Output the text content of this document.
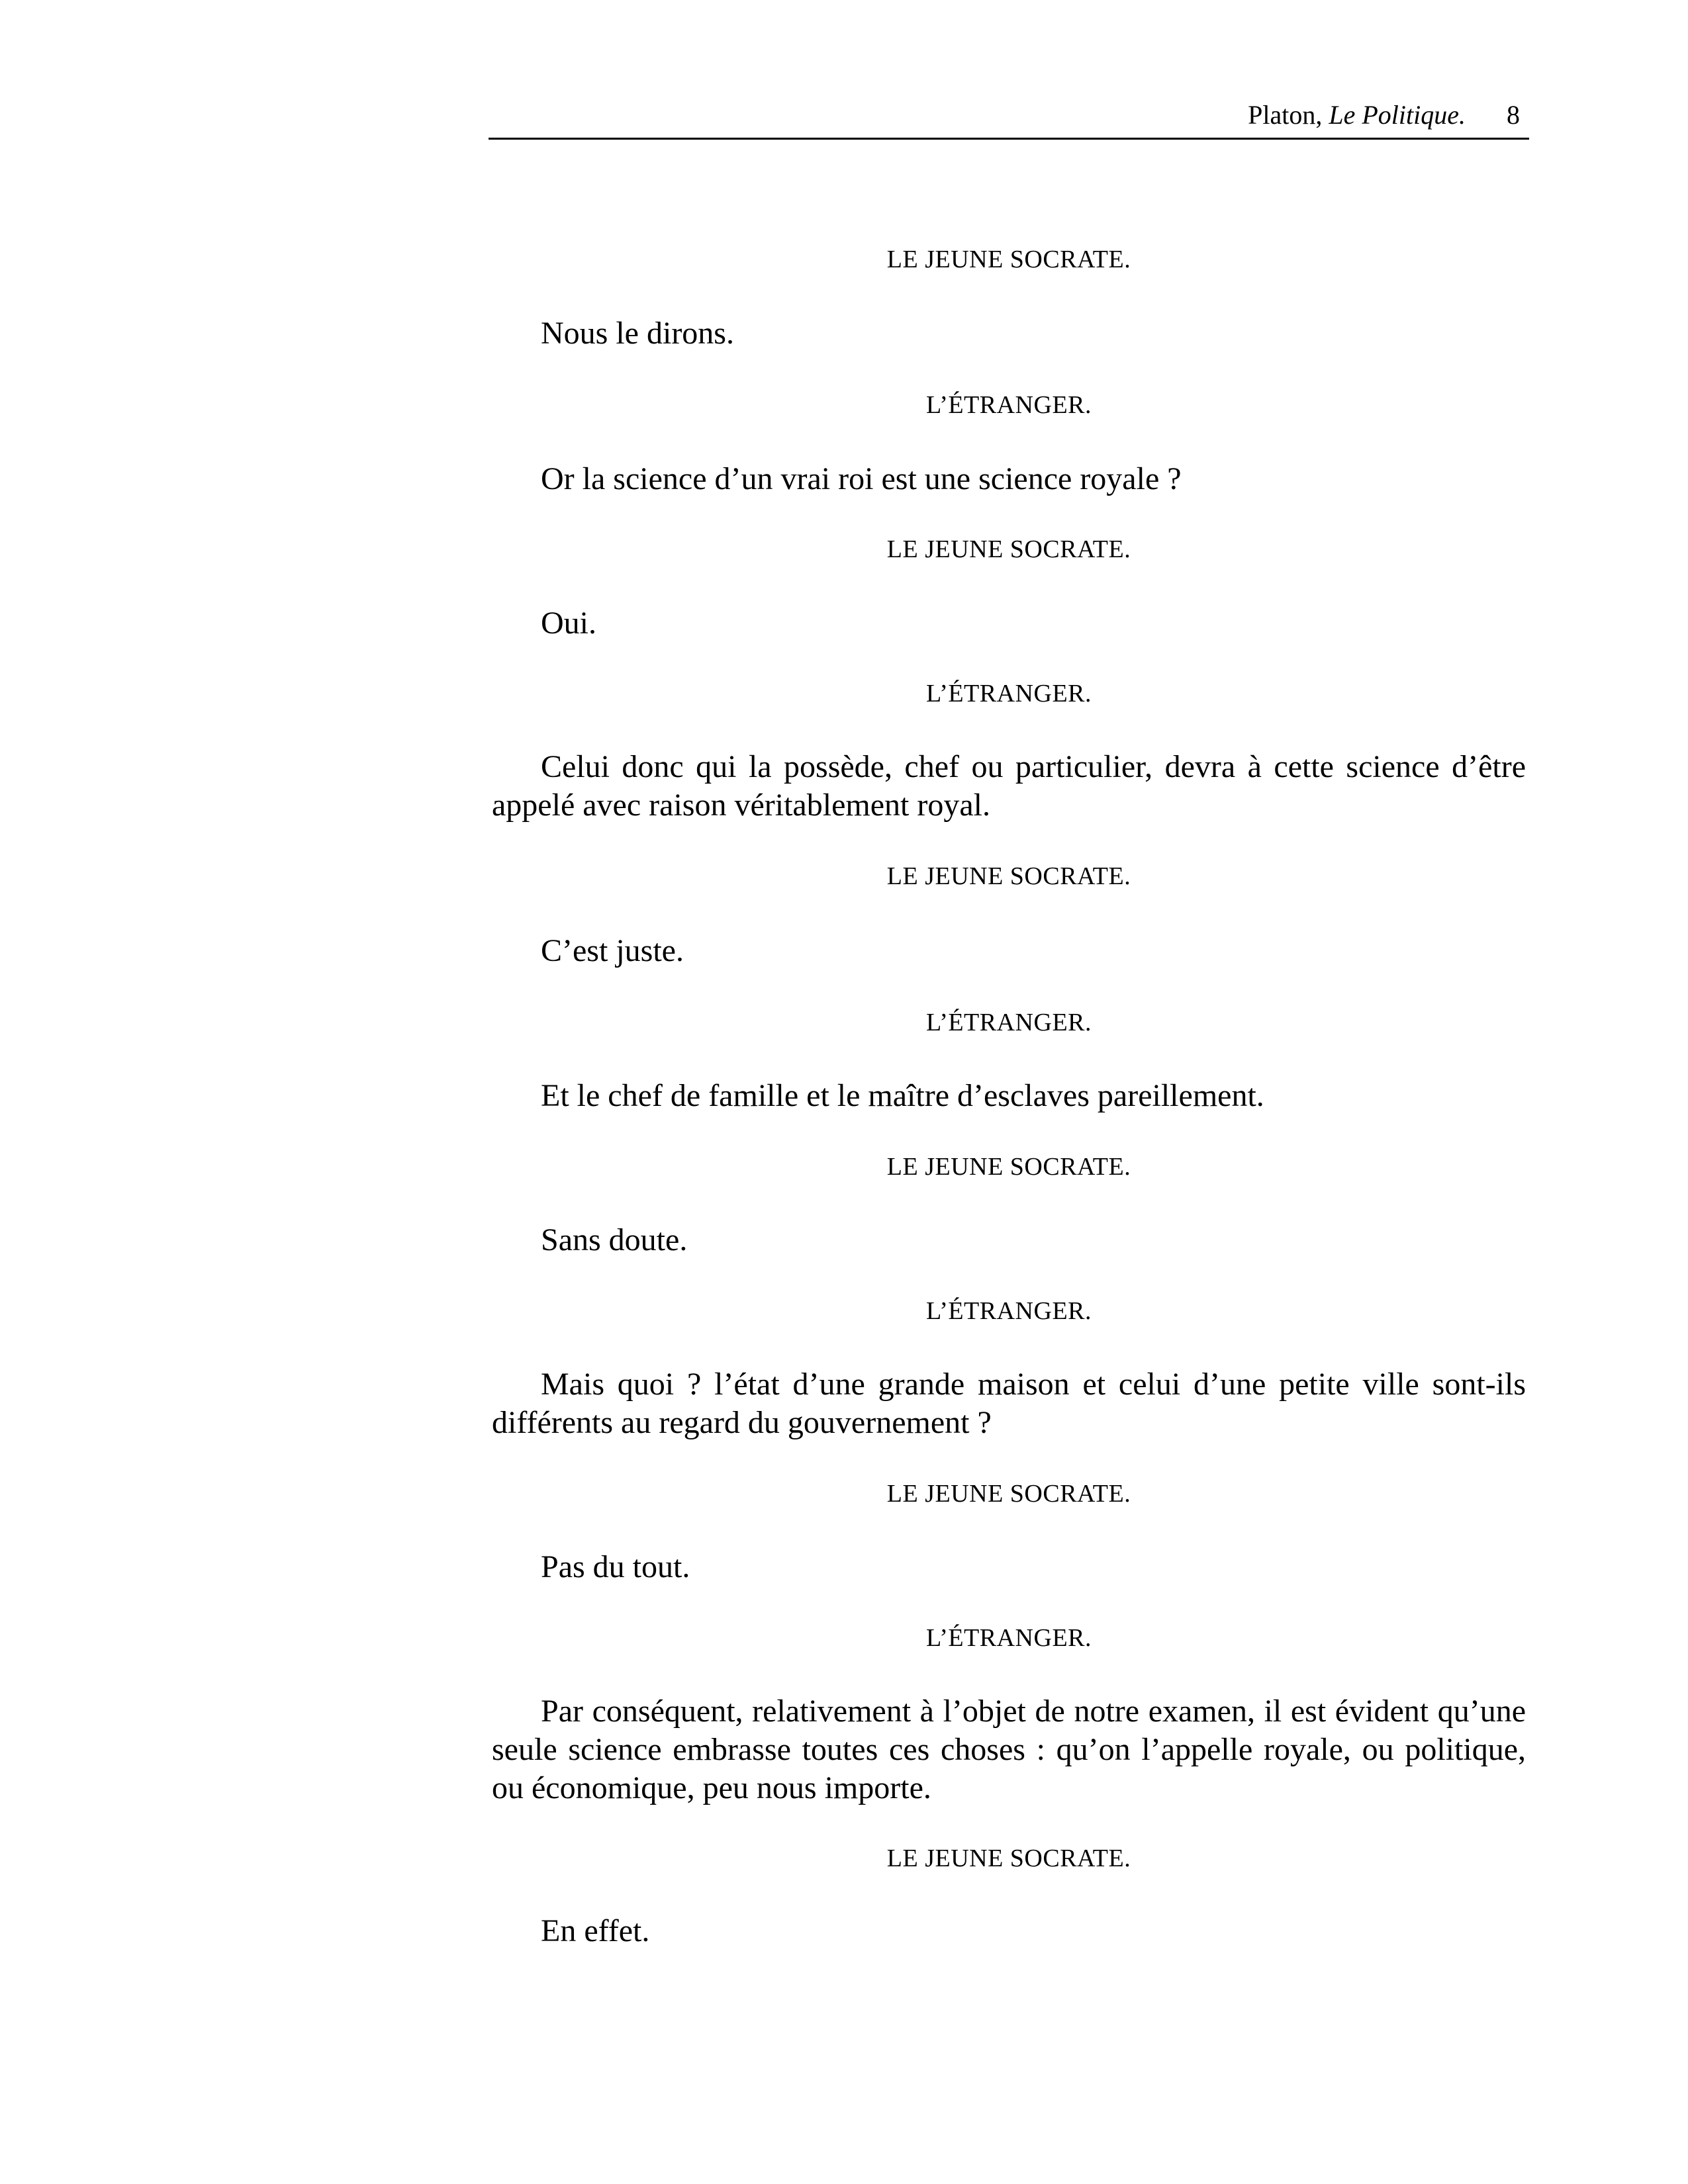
Platon, Le Politique. 8
LE JEUNE SOCRATE.
Nous le dirons.
L’ÉTRANGER.
Or la science d’un vrai roi est une science royale ?
LE JEUNE SOCRATE.
Oui.
L’ÉTRANGER.
Celui donc qui la possède, chef ou particulier, devra à cette science d’être appelé avec raison véritablement royal.
LE JEUNE SOCRATE.
C’est juste.
L’ÉTRANGER.
Et le chef de famille et le maître d’esclaves pareillement.
LE JEUNE SOCRATE.
Sans doute.
L’ÉTRANGER.
Mais quoi ? l’état d’une grande maison et celui d’une petite ville sont-ils différents au regard du gouvernement ?
LE JEUNE SOCRATE.
Pas du tout.
L’ÉTRANGER.
Par conséquent, relativement à l’objet de notre examen, il est évident qu’une seule science embrasse toutes ces choses : qu’on l’appelle royale, ou politique, ou économique, peu nous importe.
LE JEUNE SOCRATE.
En effet.
